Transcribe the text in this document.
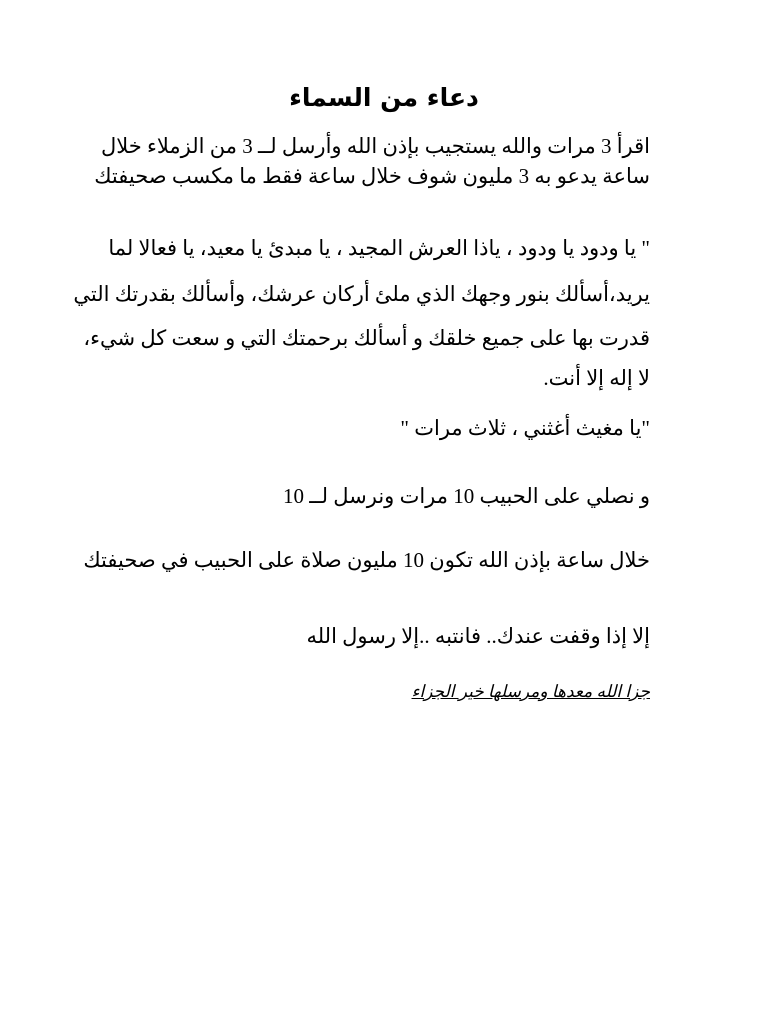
دعاء من السماء
اقرأ 3 مرات والله يستجيب بإذن الله وأرسل لــ 3 من الزملاء خلال
ساعة يدعو به 3 مليون شوف خلال ساعة فقط ما مكسب صحيفتك
" يا ودود يا ودود ، ياذا العرش المجيد ، يا مبدئ يا معيد، يا فعالا لما
يريد،أسألك بنور وجهك الذي ملئ أركان عرشك، وأسألك بقدرتك التي
قدرت بها على جميع خلقك و أسألك برحمتك التي و سعت كل شيء،
لا إله إلا أنت.
"يا مغيث أغثني ، ثلاث مرات "
و نصلي على الحبيب 10 مرات ونرسل لــ 10
خلال ساعة بإذن الله تكون 10 مليون صلاة على الحبيب في صحيفتك
إلا إذا وقفت عندك.. فانتبه ..إلا رسول الله
جزا الله معدها ومرسلها خير الجزاء
